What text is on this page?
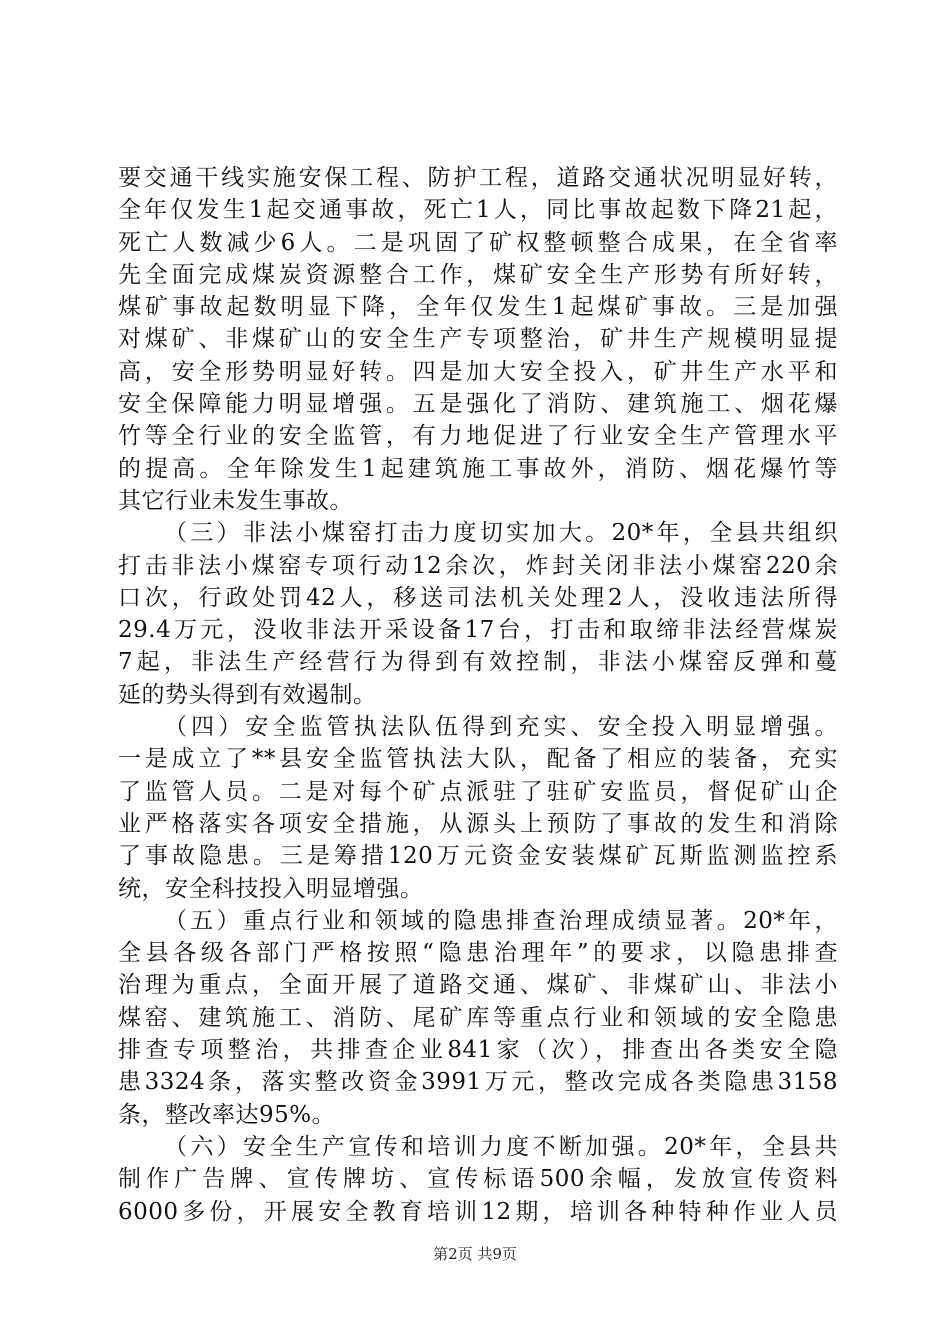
要交通干线实施安保工程、防护工程，道路交通状况明显好转，
全年仅发生1起交通事故，死亡1人，同比事故起数下降21起，
死亡人数减少6人。二是巩固了矿权整顿整合成果，在全省率
先全面完成煤炭资源整合工作，煤矿安全生产形势有所好转，
煤矿事故起数明显下降，全年仅发生1起煤矿事故。三是加强
对煤矿、非煤矿山的安全生产专项整治，矿井生产规模明显提
高，安全形势明显好转。四是加大安全投入，矿井生产水平和
安全保障能力明显增强。五是强化了消防、建筑施工、烟花爆
竹等全行业的安全监管，有力地促进了行业安全生产管理水平
的提高。全年除发生1起建筑施工事故外，消防、烟花爆竹等
其它行业未发生事故。
（三）非法小煤窑打击力度切实加大。20*年，全县共组织
打击非法小煤窑专项行动12余次，炸封关闭非法小煤窑220余
口次，行政处罚42人，移送司法机关处理2人，没收违法所得
29.4万元，没收非法开采设备17台，打击和取缔非法经营煤炭
7起，非法生产经营行为得到有效控制，非法小煤窑反弹和蔓
延的势头得到有效遏制。
（四）安全监管执法队伍得到充实、安全投入明显增强。
一是成立了**县安全监管执法大队，配备了相应的装备，充实
了监管人员。二是对每个矿点派驻了驻矿安监员，督促矿山企
业严格落实各项安全措施，从源头上预防了事故的发生和消除
了事故隐患。三是筹措120万元资金安装煤矿瓦斯监测监控系
统，安全科技投入明显增强。
（五）重点行业和领域的隐患排查治理成绩显著。20*年，
全县各级各部门严格按照“隐患治理年”的要求，以隐患排查
治理为重点，全面开展了道路交通、煤矿、非煤矿山、非法小
煤窑、建筑施工、消防、尾矿库等重点行业和领域的安全隐患
排查专项整治，共排查企业841家（次），排查出各类安全隐
患3324条，落实整改资金3991万元，整改完成各类隐患3158
条，整改率达95%。
（六）安全生产宣传和培训力度不断加强。20*年，全县共
制作广告牌、宣传牌坊、宣传标语500余幅，发放宣传资料
6000多份，开展安全教育培训12期，培训各种特种作业人员
第2页 共9页
